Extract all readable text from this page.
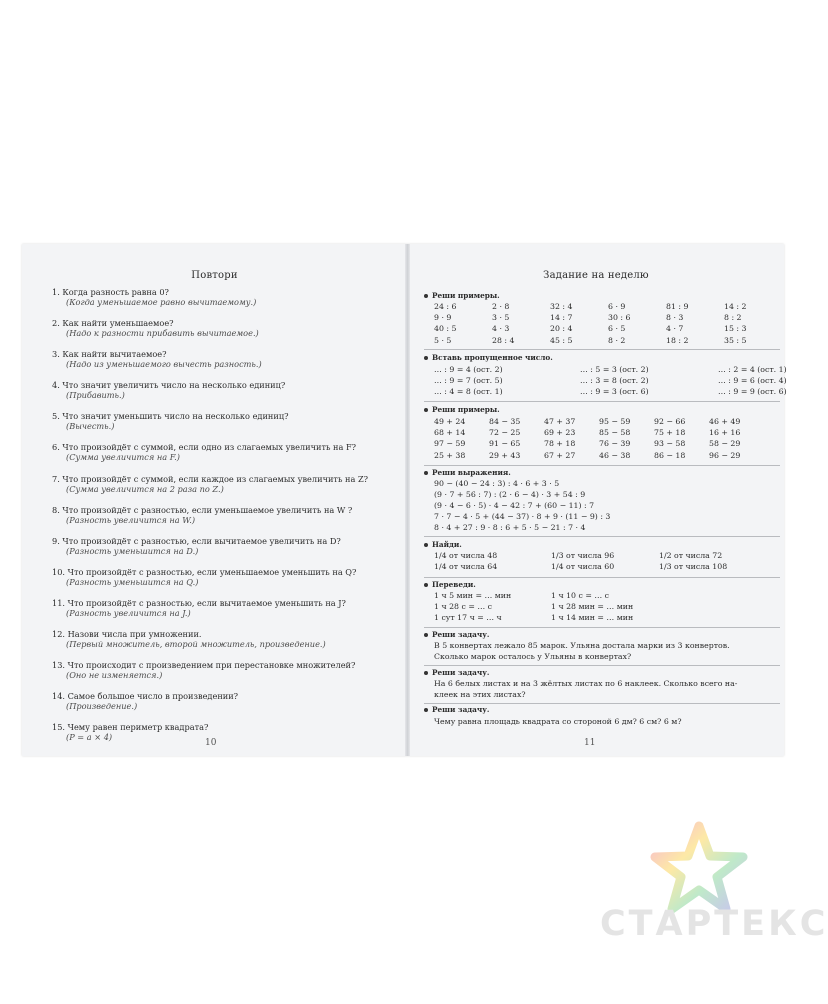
Повтори
1. Когда разность равна 0?
(Когда уменьшаемое равно вычитаемому.)
2. Как найти уменьшаемое?
(Надо к разности прибавить вычитаемое.)
3. Как найти вычитаемое?
(Надо из уменьшаемого вычесть разность.)
4. Что значит увеличить число на несколько единиц?
(Прибавить.)
5. Что значит уменьшить число на несколько единиц?
(Вычесть.)
6. Что произойдёт с суммой, если одно из слагаемых увеличить на F?
(Сумма увеличится на F.)
7. Что произойдёт с суммой, если каждое из слагаемых увеличить на Z?
(Сумма увеличится на 2 раза по Z.)
8. Что произойдёт с разностью, если уменьшаемое увеличить на W ?
(Разность увеличится на W.)
9. Что произойдёт с разностью, если вычитаемое увеличить на D?
(Разность уменьшится на D.)
10. Что произойдёт с разностью, если уменьшаемое уменьшить на Q?
(Разность уменьшится на Q.)
11. Что произойдёт с разностью, если вычитаемое уменьшить на J?
(Разность увеличится на J.)
12. Назови числа при умножении.
(Первый множитель, второй множитель, произведение.)
13. Что происходит с произведением при перестановке множителей?
(Оно не изменяется.)
14. Самое большое число в произведении?
(Произведение.)
15. Чему равен периметр квадрата?
(P = a × 4)
10
Задание на неделю
Реши примеры.
24 : 6	2 · 8	32 : 4	6 · 9	81 : 9	14 : 2
9 · 9	3 · 5	14 : 7	30 : 6	8 · 3	8 : 2
40 : 5	4 · 3	20 : 4	6 · 5	4 · 7	15 : 3
5 · 5	28 : 4	45 : 5	8 · 2	18 : 2	35 : 5
Вставь пропущенное число.
… : 9 = 4 (ост. 2)	… : 5 = 3 (ост. 2)	… : 2 = 4 (ост. 1)
… : 9 = 7 (ост. 5)	… : 3 = 8 (ост. 2)	… : 9 = 6 (ост. 4)
… : 4 = 8 (ост. 1)	… : 9 = 3 (ост. 6)	… : 9 = 9 (ост. 6)
Реши примеры.
49 + 24	84 − 35	47 + 37	95 − 59	92 − 66	46 + 49
68 + 14	72 − 25	69 + 23	85 − 58	75 + 18	16 + 16
97 − 59	91 − 65	78 + 18	76 − 39	93 − 58	58 − 29
25 + 38	29 + 43	67 + 27	46 − 38	86 − 18	96 − 29
Реши выражения.
90 − (40 − 24 : 3) : 4 · 6 + 3 · 5
(9 · 7 + 56 : 7) : (2 · 6 − 4) · 3 + 54 : 9
(9 · 4 − 6 · 5) · 4 − 42 : 7 + (60 − 11) : 7
7 · 7 − 4 · 5 + (44 − 37) · 8 + 9 · (11 − 9) : 3
8 · 4 + 27 : 9 · 8 : 6 + 5 · 5 − 21 : 7 · 4
Найди.
1/4 от числа 48	1/3 от числа 96	1/2 от числа 72
1/4 от числа 64	1/4 от числа 60	1/3 от числа 108
Переведи.
1 ч 5 мин = … мин	1 ч 10 с = … с
1 ч 28 с = … с	1 ч 28 мин = … мин
1 сут 17 ч = … ч	1 ч 14 мин = … мин
Реши задачу.
В 5 конвертах лежало 85 марок. Ульяна достала марки из 3 конвертов.
Сколько марок осталось у Ульяны в конвертах?
Реши задачу.
На 6 белых листах и на 3 жёлтых листах по 6 наклеек. Сколько всего на-
клеек на этих листах?
Реши задачу.
Чему равна площадь квадрата со стороной 6 дм? 6 см? 6 м?
11
СТАРТЕКС
